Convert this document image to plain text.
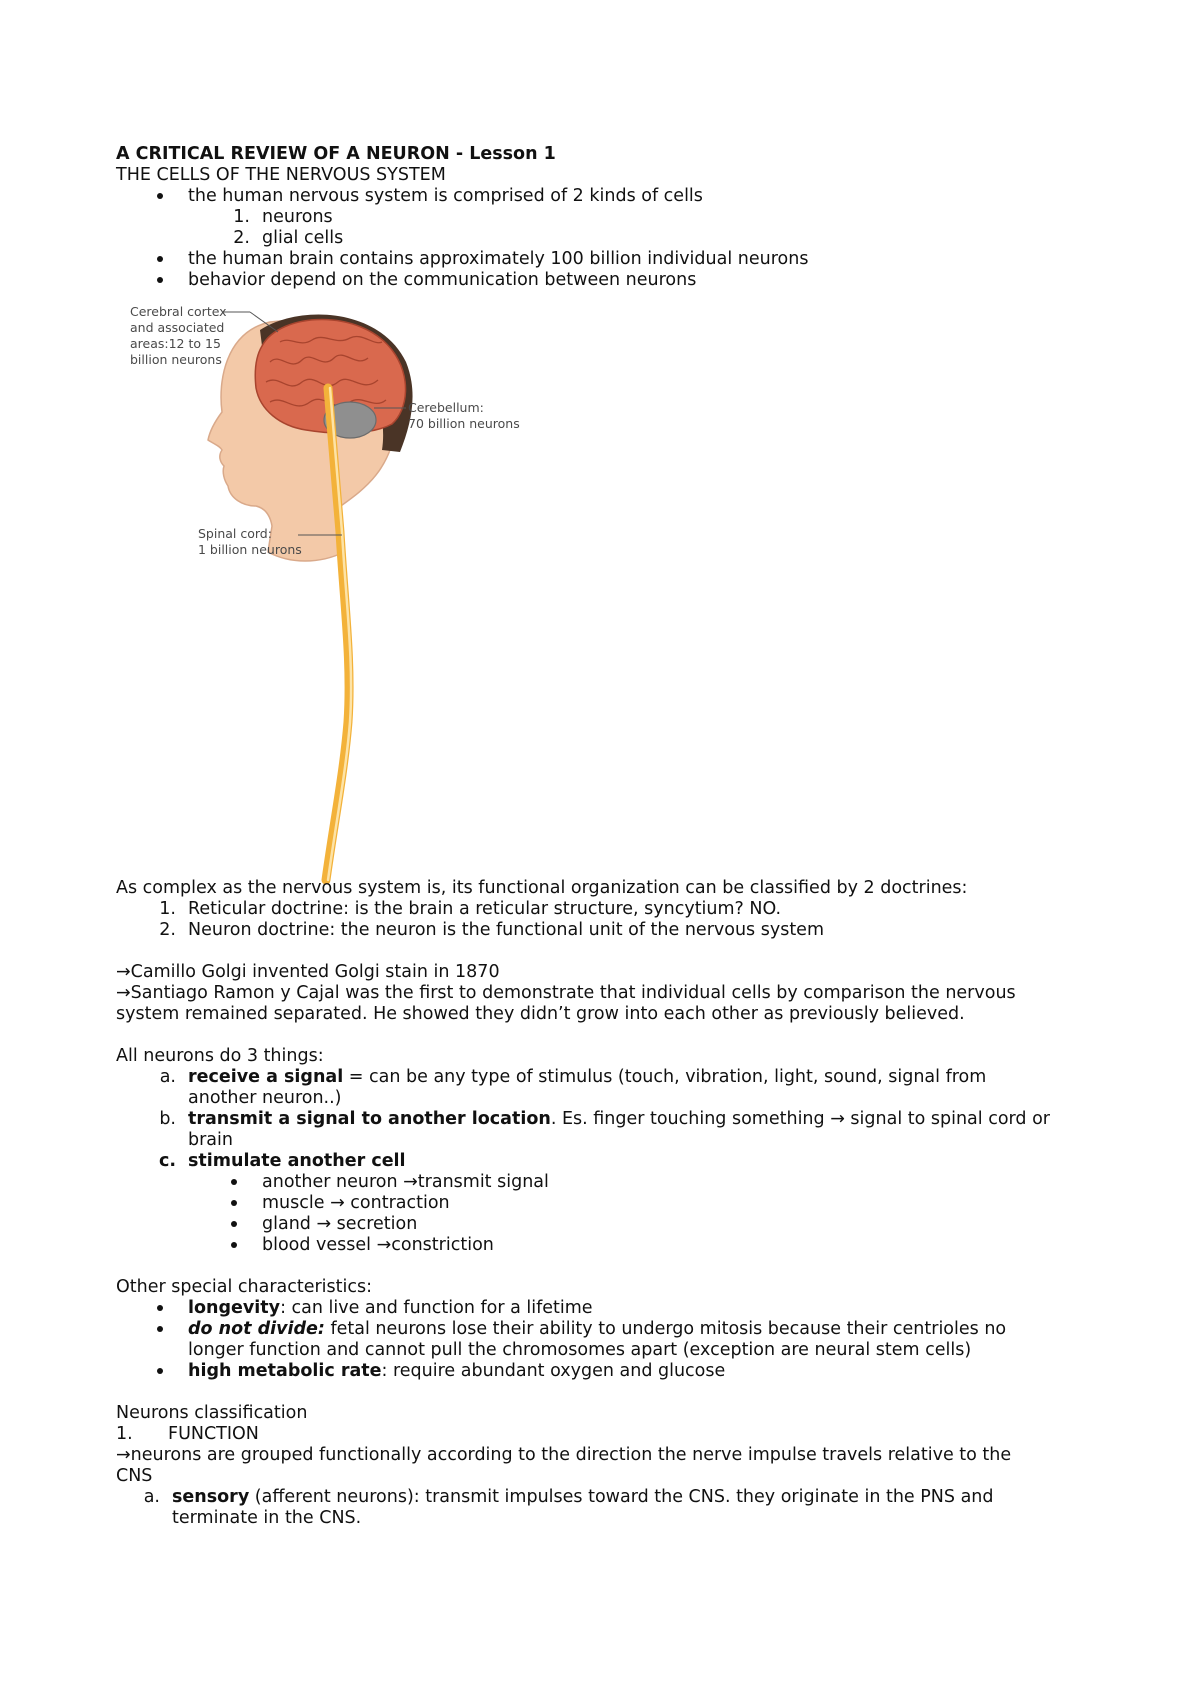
A CRITICAL REVIEW OF A NEURON - Lesson 1
THE CELLS OF THE NERVOUS SYSTEM
the human nervous system is comprised of 2 kinds of cells
1. neurons
2. glial cells
the human brain contains approximately 100 billion individual neurons
behavior depend on the communication between neurons
Cerebral cortex
and associated
areas:12 to 15
billion neurons
Cerebellum:
70 billion neurons
Spinal cord:
1 billion neurons
As complex as the nervous system is, its functional organization can be classified by 2 doctrines:
1. Reticular doctrine: is the brain a reticular structure, syncytium? NO.
2. Neuron doctrine: the neuron is the functional unit of the nervous system
→Camillo Golgi invented Golgi stain in 1870
→Santiago Ramon y Cajal was the first to demonstrate that individual cells by comparison the nervous
system remained separated. He showed they didn’t grow into each other as previously believed.
All neurons do 3 things:
a. receive a signal = can be any type of stimulus (touch, vibration, light, sound, signal from
another neuron..)
b. transmit a signal to another location. Es. finger touching something → signal to spinal cord or
brain
c. stimulate another cell
another neuron →transmit signal
muscle → contraction
gland → secretion
blood vessel →constriction
Other special characteristics:
longevity: can live and function for a lifetime
do not divide: fetal neurons lose their ability to undergo mitosis because their centrioles no
longer function and cannot pull the chromosomes apart (exception are neural stem cells)
high metabolic rate: require abundant oxygen and glucose
Neurons classification
1. FUNCTION
→neurons are grouped functionally according to the direction the nerve impulse travels relative to the
CNS
a. sensory (afferent neurons): transmit impulses toward the CNS. they originate in the PNS and
terminate in the CNS.
